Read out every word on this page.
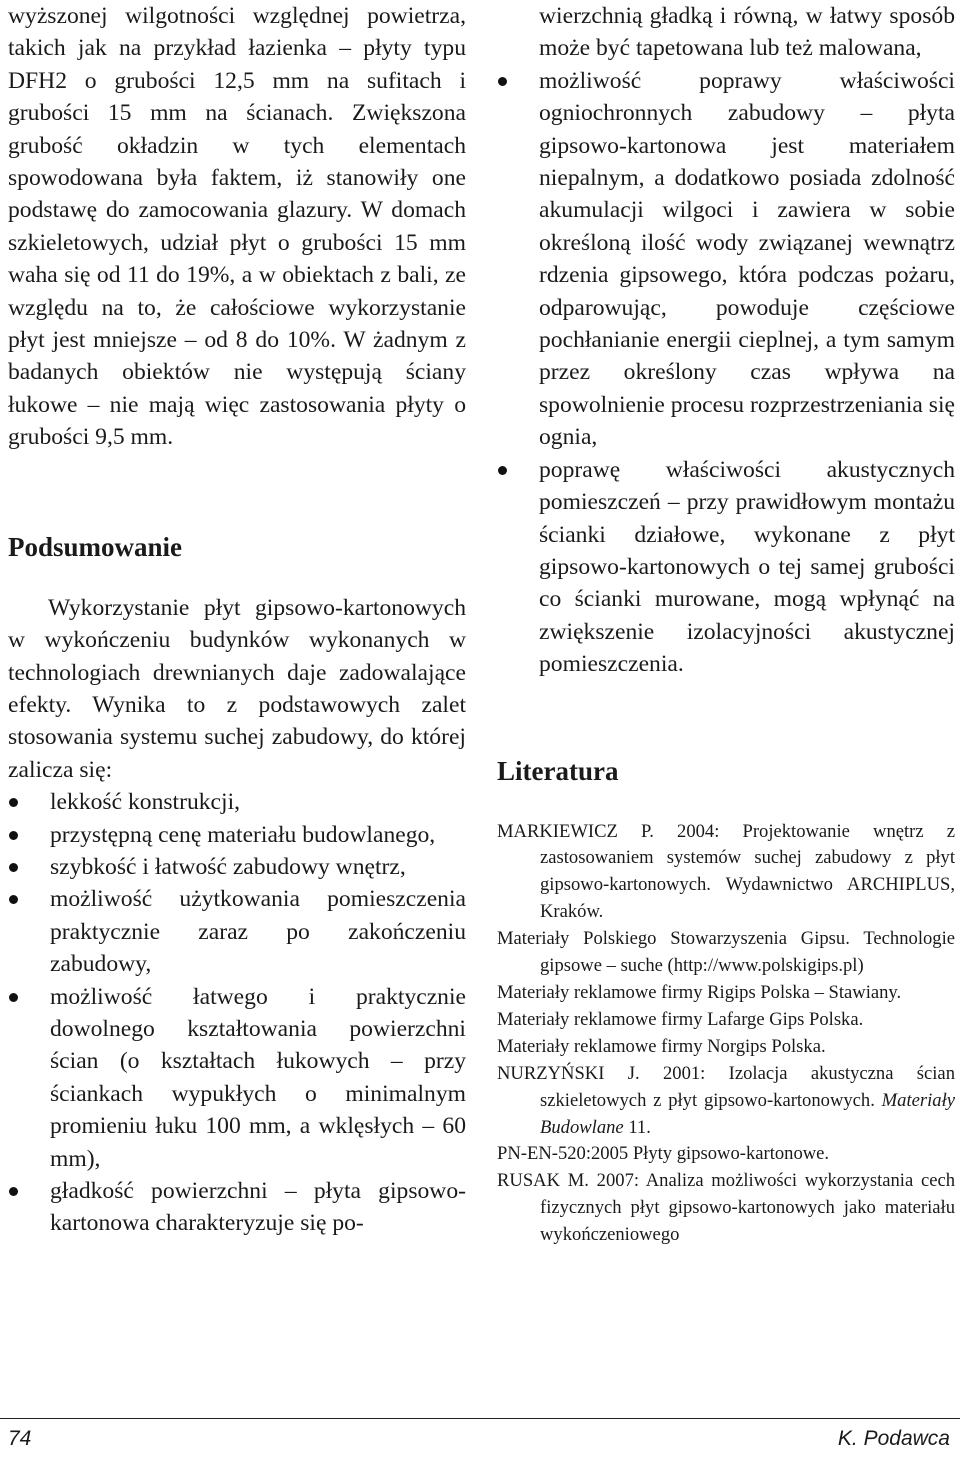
wyższonej wilgotności względnej powietrza, takich jak na przykład łazienka – płyty typu DFH2 o grubości 12,5 mm na sufitach i grubości 15 mm na ścianach. Zwiększona grubość okładzin w tych elementach spowodowana była faktem, iż stanowiły one podstawę do zamocowania glazury. W domach szkieletowych, udział płyt o grubości 15 mm waha się od 11 do 19%, a w obiektach z bali, ze względu na to, że całościowe wykorzystanie płyt jest mniejsze – od 8 do 10%. W żadnym z badanych obiektów nie występują ściany łukowe – nie mają więc zastosowania płyty o grubości 9,5 mm.

Podsumowanie

Wykorzystanie płyt gipsowo-kartonowych w wykończeniu budynków wykonanych w technologiach drewnianych daje zadowalające efekty. Wynika to z podstawowych zalet stosowania systemu suchej zabudowy, do której zalicza się:

lekkość konstrukcji,
przystępną cenę materiału budowlanego,
szybkość i łatwość zabudowy wnętrz,
możliwość użytkowania pomieszczenia praktycznie zaraz po zakończeniu zabudowy,
możliwość łatwego i praktycznie dowolnego kształtowania powierzchni ścian (o kształtach łukowych – przy ściankach wypukłych o minimalnym promieniu łuku 100 mm, a wklęsłych – 60 mm),
gładkość powierzchni – płyta gipsowo-kartonowa charakteryzuje się po-

wierzchnią gładką i równą, w łatwy sposób może być tapetowana lub też malowana,

możliwość poprawy właściwości ogniochronnych zabudowy – płyta gipsowo-kartonowa jest materiałem niepalnym, a dodatkowo posiada zdolność akumulacji wilgoci i zawiera w sobie określoną ilość wody związanej wewnątrz rdzenia gipsowego, która podczas pożaru, odparowując, powoduje częściowe pochłanianie energii cieplnej, a tym samym przez określony czas wpływa na spowolnienie procesu rozprzestrzeniania się ognia,
poprawę właściwości akustycznych pomieszczeń – przy prawidłowym montażu ścianki działowe, wykonane z płyt gipsowo-kartonowych o tej samej grubości co ścianki murowane, mogą wpłynąć na zwiększenie izolacyjności akustycznej pomieszczenia.
Literatura
MARKIEWICZ P. 2004: Projektowanie wnętrz z zastosowaniem systemów suchej zabudowy z płyt gipsowo-kartonowych. Wydawnictwo ARCHIPLUS, Kraków.
Materiały Polskiego Stowarzyszenia Gipsu. Technologie gipsowe – suche (http://www.polskigips.pl)
Materiały reklamowe firmy Rigips Polska – Stawiany.
Materiały reklamowe firmy Lafarge Gips Polska.
Materiały reklamowe firmy Norgips Polska.
NURZYŃSKI J. 2001: Izolacja akustyczna ścian szkieletowych z płyt gipsowo-kartonowych. Materiały Budowlane 11.
PN-EN-520:2005 Płyty gipsowo-kartonowe.
RUSAK M. 2007: Analiza możliwości wykorzystania cech fizycznych płyt gipsowo-kartonowych jako materiału wykończeniowego
74	K. Podawca
